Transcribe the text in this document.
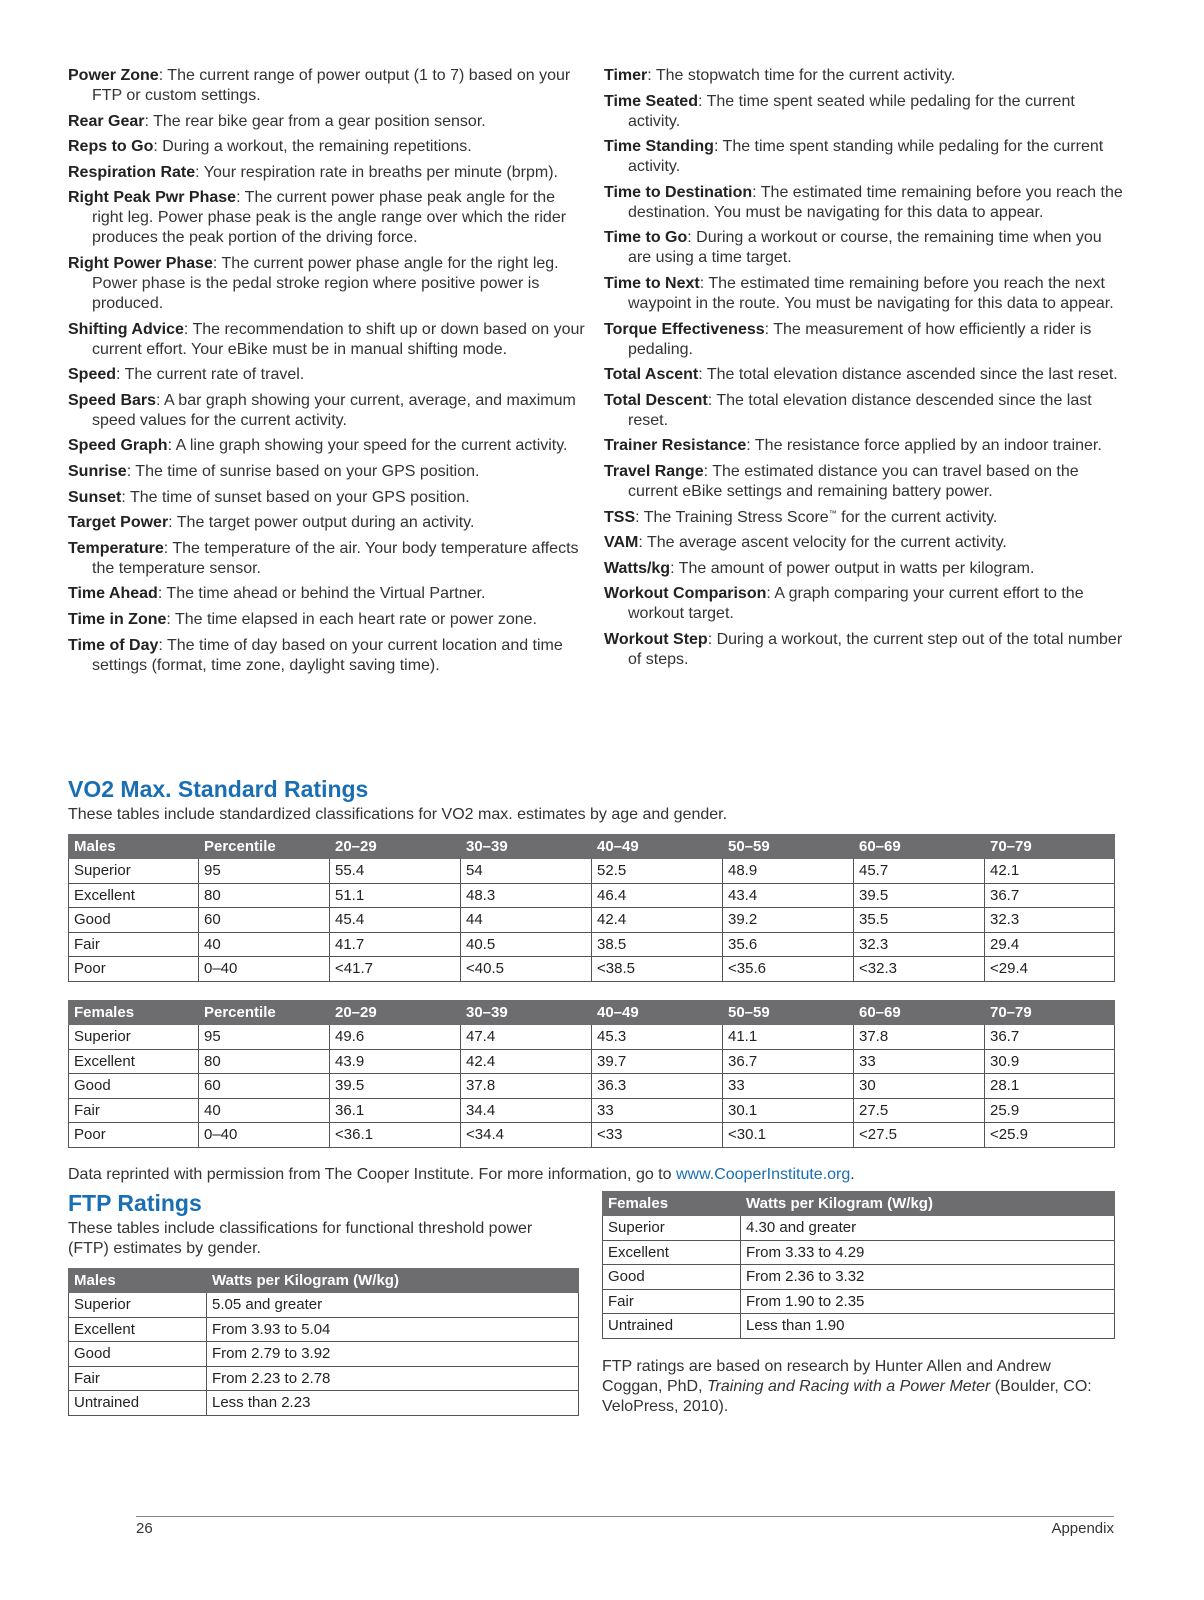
Power Zone: The current range of power output (1 to 7) based on your FTP or custom settings.
Rear Gear: The rear bike gear from a gear position sensor.
Reps to Go: During a workout, the remaining repetitions.
Respiration Rate: Your respiration rate in breaths per minute (brpm).
Right Peak Pwr Phase: The current power phase peak angle for the right leg. Power phase peak is the angle range over which the rider produces the peak portion of the driving force.
Right Power Phase: The current power phase angle for the right leg. Power phase is the pedal stroke region where positive power is produced.
Shifting Advice: The recommendation to shift up or down based on your current effort. Your eBike must be in manual shifting mode.
Speed: The current rate of travel.
Speed Bars: A bar graph showing your current, average, and maximum speed values for the current activity.
Speed Graph: A line graph showing your speed for the current activity.
Sunrise: The time of sunrise based on your GPS position.
Sunset: The time of sunset based on your GPS position.
Target Power: The target power output during an activity.
Temperature: The temperature of the air. Your body temperature affects the temperature sensor.
Time Ahead: The time ahead or behind the Virtual Partner.
Time in Zone: The time elapsed in each heart rate or power zone.
Time of Day: The time of day based on your current location and time settings (format, time zone, daylight saving time).
Timer: The stopwatch time for the current activity.
Time Seated: The time spent seated while pedaling for the current activity.
Time Standing: The time spent standing while pedaling for the current activity.
Time to Destination: The estimated time remaining before you reach the destination. You must be navigating for this data to appear.
Time to Go: During a workout or course, the remaining time when you are using a time target.
Time to Next: The estimated time remaining before you reach the next waypoint in the route. You must be navigating for this data to appear.
Torque Effectiveness: The measurement of how efficiently a rider is pedaling.
Total Ascent: The total elevation distance ascended since the last reset.
Total Descent: The total elevation distance descended since the last reset.
Trainer Resistance: The resistance force applied by an indoor trainer.
Travel Range: The estimated distance you can travel based on the current eBike settings and remaining battery power.
TSS: The Training Stress Score™ for the current activity.
VAM: The average ascent velocity for the current activity.
Watts/kg: The amount of power output in watts per kilogram.
Workout Comparison: A graph comparing your current effort to the workout target.
Workout Step: During a workout, the current step out of the total number of steps.
VO2 Max. Standard Ratings
These tables include standardized classifications for VO2 max. estimates by age and gender.
Males	Percentile	20–29	30–39	40–49	50–59	60–69	70–79
Superior	95	55.4	54	52.5	48.9	45.7	42.1
Excellent	80	51.1	48.3	46.4	43.4	39.5	36.7
Good	60	45.4	44	42.4	39.2	35.5	32.3
Fair	40	41.7	40.5	38.5	35.6	32.3	29.4
Poor	0–40	<41.7	<40.5	<38.5	<35.6	<32.3	<29.4
Females	Percentile	20–29	30–39	40–49	50–59	60–69	70–79
Superior	95	49.6	47.4	45.3	41.1	37.8	36.7
Excellent	80	43.9	42.4	39.7	36.7	33	30.9
Good	60	39.5	37.8	36.3	33	30	28.1
Fair	40	36.1	34.4	33	30.1	27.5	25.9
Poor	0–40	<36.1	<34.4	<33	<30.1	<27.5	<25.9
Data reprinted with permission from The Cooper Institute. For more information, go to www.CooperInstitute.org.
FTP Ratings
These tables include classifications for functional threshold power (FTP) estimates by gender.
Males	Watts per Kilogram (W/kg)
Superior	5.05 and greater
Excellent	From 3.93 to 5.04
Good	From 2.79 to 3.92
Fair	From 2.23 to 2.78
Untrained	Less than 2.23
Females	Watts per Kilogram (W/kg)
Superior	4.30 and greater
Excellent	From 3.33 to 4.29
Good	From 2.36 to 3.32
Fair	From 1.90 to 2.35
Untrained	Less than 1.90
FTP ratings are based on research by Hunter Allen and Andrew Coggan, PhD, Training and Racing with a Power Meter (Boulder, CO: VeloPress, 2010).
26	Appendix
